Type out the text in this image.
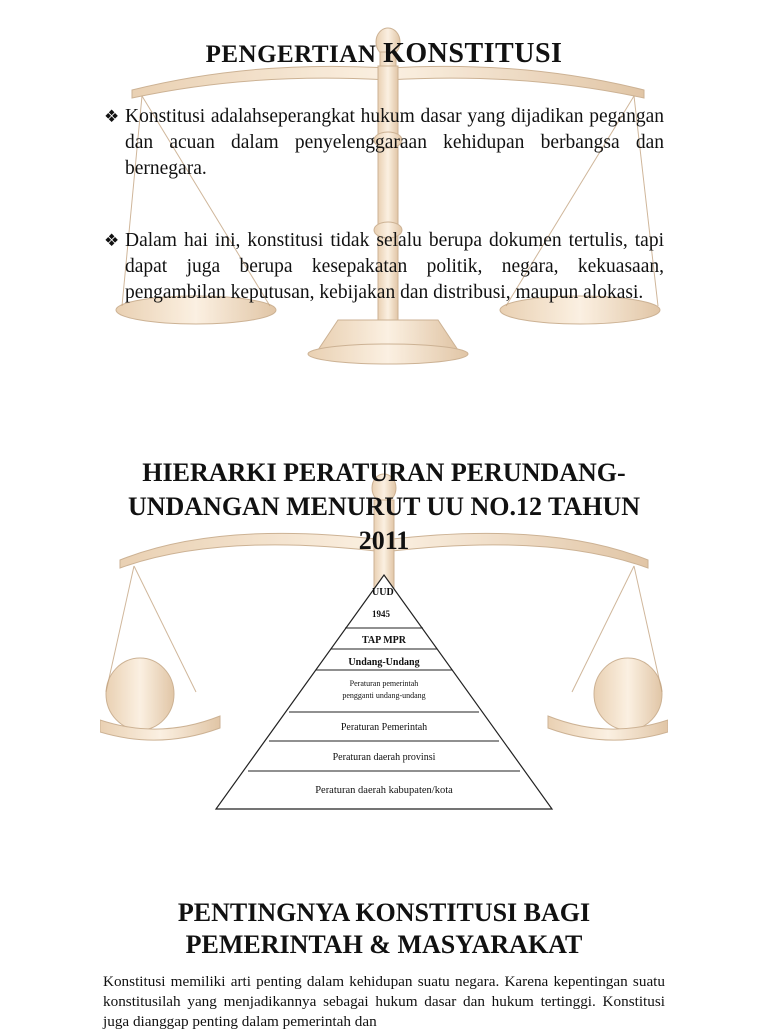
PENGERTIAN KONSTITUSI

❖ Konstitusi adalahseperangkat hukum dasar yang dijadikan pegangan dan acuan dalam penyelenggaraan kehidupan berbangsa dan bernegara.

❖ Dalam hai ini, konstitusi tidak selalu berupa dokumen tertulis, tapi dapat juga berupa kesepakatan politik, negara, kekuasaan, pengambilan keputusan, kebijakan dan distribusi, maupun alokasi.

HIERARKI PERATURAN PERUNDANG-
UNDANGAN MENURUT UU NO.12 TAHUN
2011
UUD
1945
TAP MPR
Undang-Undang
Peraturan pemerintah
pengganti undang-undang
Peraturan Pemerintah
Peraturan daerah provinsi
Peraturan daerah kabupaten/kota
PENTINGNYA KONSTITUSI BAGI
PEMERINTAH & MASYARAKAT
Konstitusi memiliki arti penting dalam kehidupan suatu negara. Karena kepentingan suatu konstitusilah yang menjadikannya sebagai hukum dasar dan hukum tertinggi. Konstitusi juga dianggap penting dalam pemerintah dan
